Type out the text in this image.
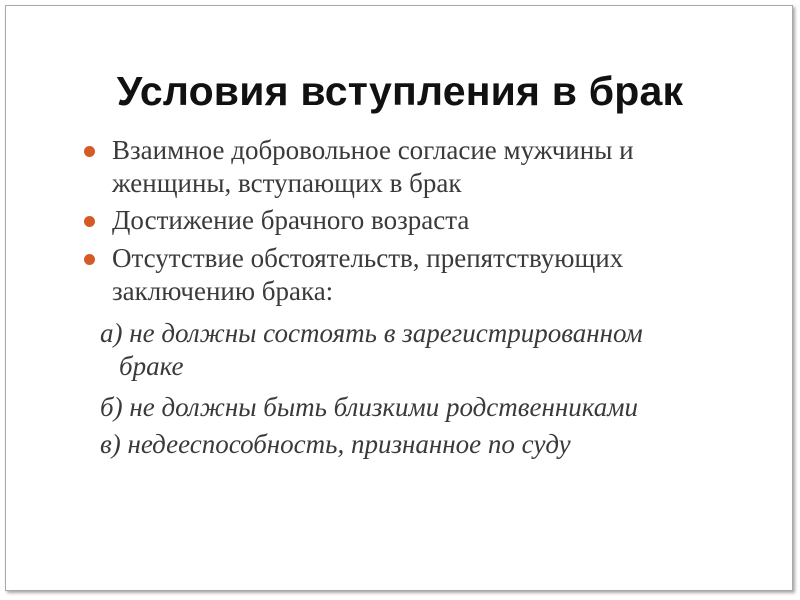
Условия вступления в брак
Взаимное добровольное согласие мужчины и
женщины, вступающих в брак
Достижение брачного возраста
Отсутствие обстоятельств, препятствующих
заключению брака:
а) не должны состоять в зарегистрированном
браке
б) не должны быть близкими родственниками
в) недееспособность, признанное по суду
